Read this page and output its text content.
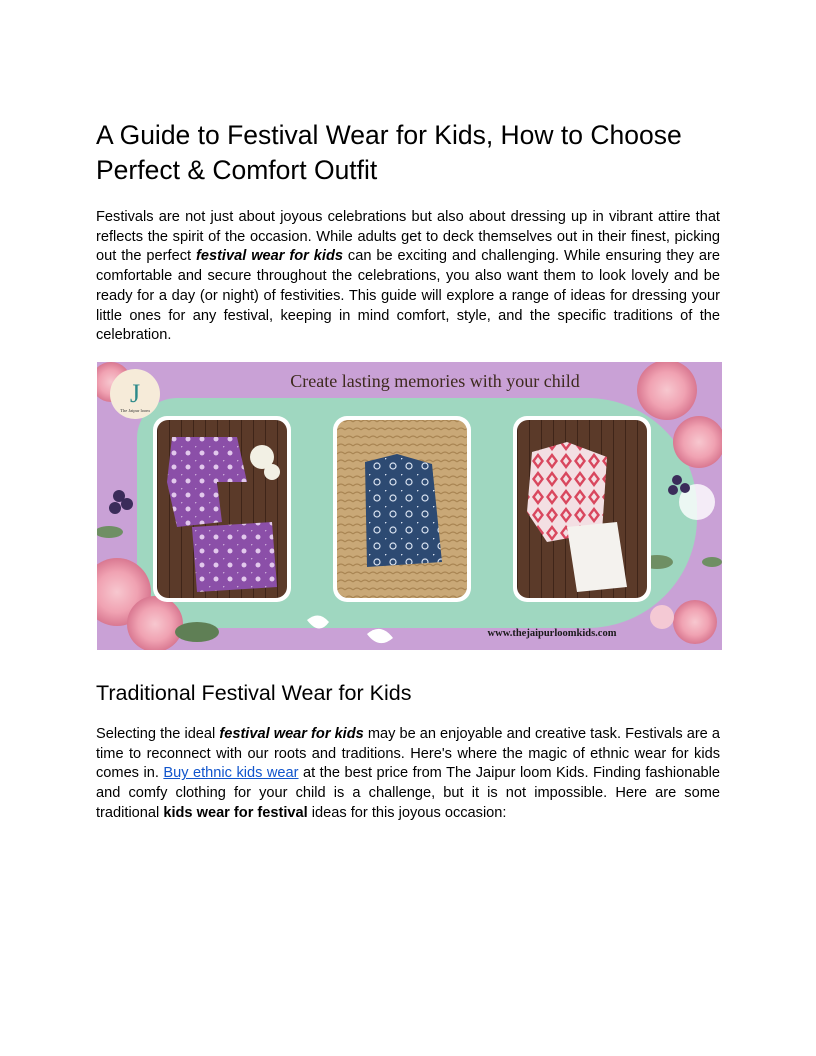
A Guide to Festival Wear for Kids, How to Choose Perfect & Comfort Outfit

Festivals are not just about joyous celebrations but also about dressing up in vibrant attire that reflects the spirit of the occasion. While adults get to deck themselves out in their finest, picking out the perfect festival wear for kids can be exciting and challenging. While ensuring they are comfortable and secure throughout the celebrations, you also want them to look lovely and be ready for a day (or night) of festivities. This guide will explore a range of ideas for dressing your little ones for any festival, keeping in mind comfort, style, and the specific traditions of the celebration.

Traditional Festival Wear for Kids

Selecting the ideal festival wear for kids may be an enjoyable and creative task. Festivals are a time to reconnect with our roots and traditions. Here's where the magic of ethnic wear for kids comes in. Buy ethnic kids wear at the best price from The Jaipur loom Kids. Finding fashionable and comfy clothing for your child is a challenge, but it is not impossible. Here are some traditional kids wear for festival ideas for this joyous occasion:

J
The Jaipur loom
Create lasting memories with your child
www.thejaipurloomkids.com
